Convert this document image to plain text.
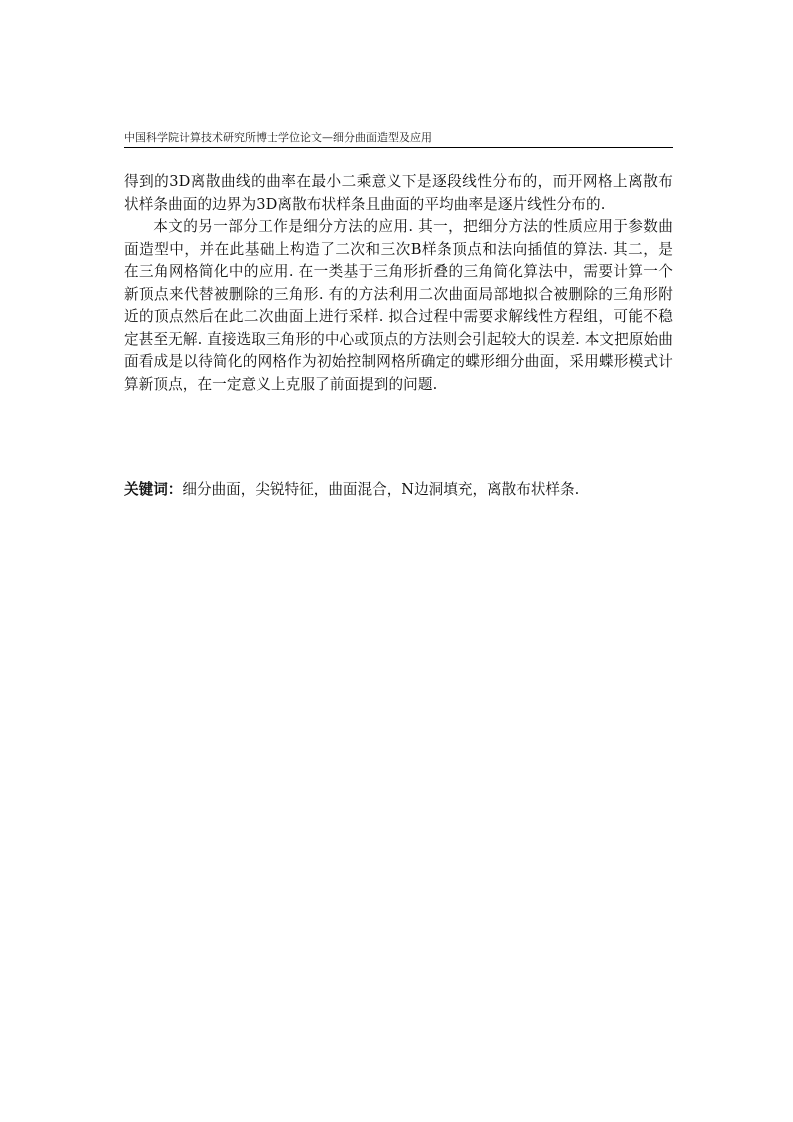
中国科学院计算技术研究所博士学位论文—细分曲面造型及应用

得到的3D离散曲线的曲率在最小二乘意义下是逐段线性分布的，而开网格上离散布状样条曲面的边界为3D离散布状样条且曲面的平均曲率是逐片线性分布的.

本文的另一部分工作是细分方法的应用. 其一，把细分方法的性质应用于参数曲面造型中，并在此基础上构造了二次和三次B样条顶点和法向插值的算法. 其二，是在三角网格简化中的应用. 在一类基于三角形折叠的三角简化算法中，需要计算一个新顶点来代替被删除的三角形. 有的方法利用二次曲面局部地拟合被删除的三角形附近的顶点然后在此二次曲面上进行采样. 拟合过程中需要求解线性方程组，可能不稳定甚至无解. 直接选取三角形的中心或顶点的方法则会引起较大的误差. 本文把原始曲面看成是以待简化的网格作为初始控制网格所确定的蝶形细分曲面，采用蝶形模式计算新顶点，在一定意义上克服了前面提到的问题.

关键词：细分曲面，尖锐特征，曲面混合，N边洞填充，离散布状样条.
